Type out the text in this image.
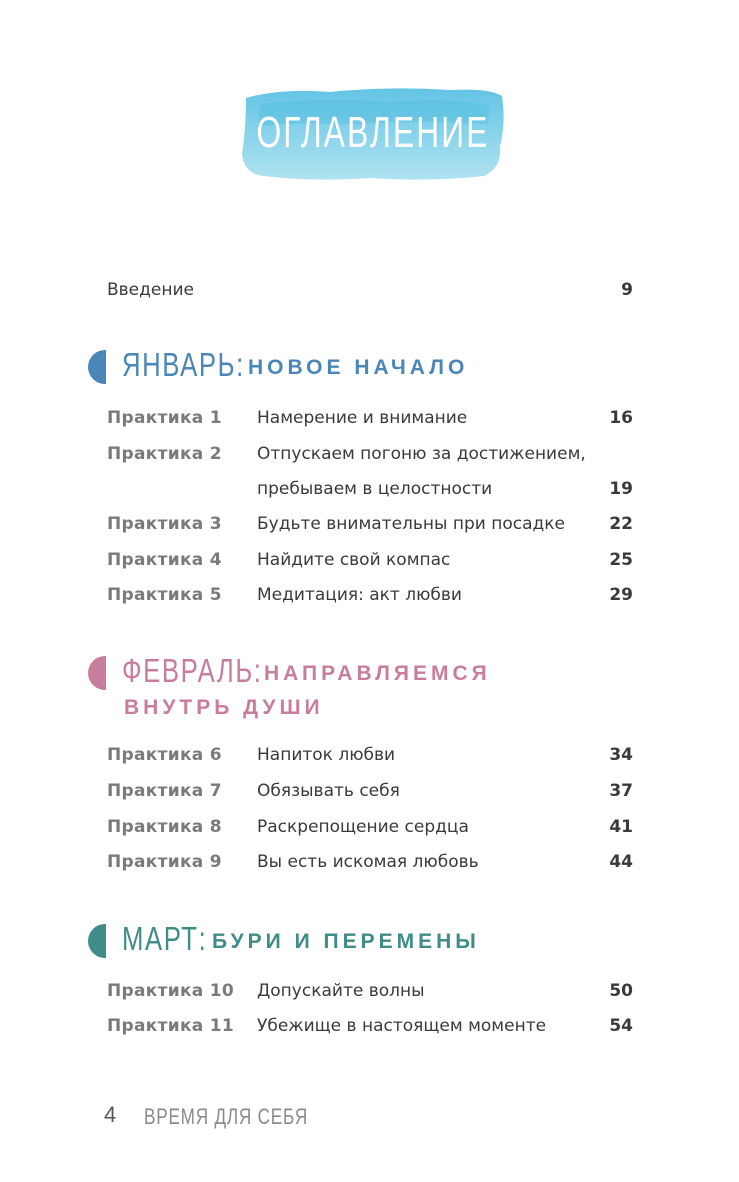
ОГЛАВЛЕНИЕ
Введение	9
ЯНВАРЬ: НОВОЕ НАЧАЛО
Практика 1 Намерение и внимание	16
Практика 2 Отпускаем погоню за достижением,
пребываем в целостности	19
Практика 3 Будьте внимательны при посадке	22
Практика 4 Найдите свой компас	25
Практика 5 Медитация: акт любви	29
ФЕВРАЛЬ: НАПРАВЛЯЕМСЯ
ВНУТРЬ ДУШИ
Практика 6 Напиток любви	34
Практика 7 Обязывать себя	37
Практика 8 Раскрепощение сердца	41
Практика 9 Вы есть искомая любовь	44
МАРТ: БУРИ И ПЕРЕМЕНЫ
Практика 10 Допускайте волны	50
Практика 11 Убежище в настоящем моменте	54
4 ВРЕМЯ ДЛЯ СЕБЯ
